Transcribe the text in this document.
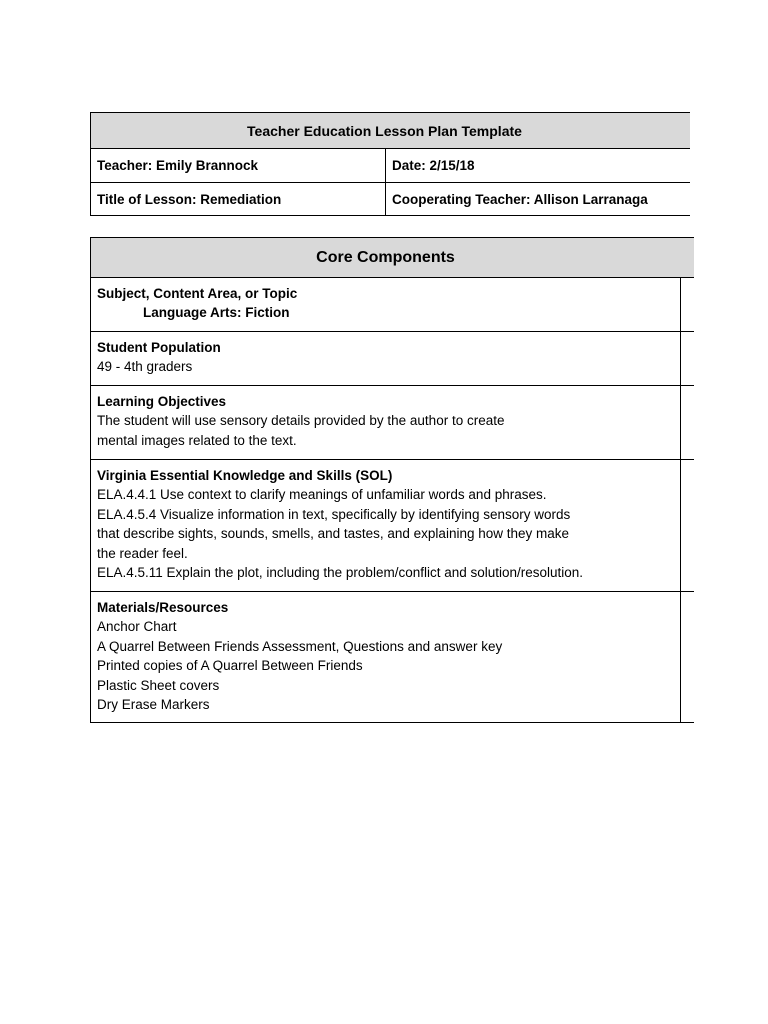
Teacher Education Lesson Plan Template
Teacher: Emily Brannock	Date: 2/15/18
Title of Lesson: Remediation	Cooperating Teacher: Allison Larranaga
Core Components
Subject, Content Area, or Topic
Language Arts: Fiction
Student Population
49 - 4th graders
Learning Objectives
The student will use sensory details provided by the author to create
mental images related to the text.
Virginia Essential Knowledge and Skills (SOL)
ELA.4.4.1 Use context to clarify meanings of unfamiliar words and phrases.
ELA.4.5.4 Visualize information in text, specifically by identifying sensory words
that describe sights, sounds, smells, and tastes, and explaining how they make
the reader feel.
ELA.4.5.11 Explain the plot, including the problem/conflict and solution/resolution.
Materials/Resources
Anchor Chart
A Quarrel Between Friends Assessment, Questions and answer key
Printed copies of A Quarrel Between Friends
Plastic Sheet covers
Dry Erase Markers
